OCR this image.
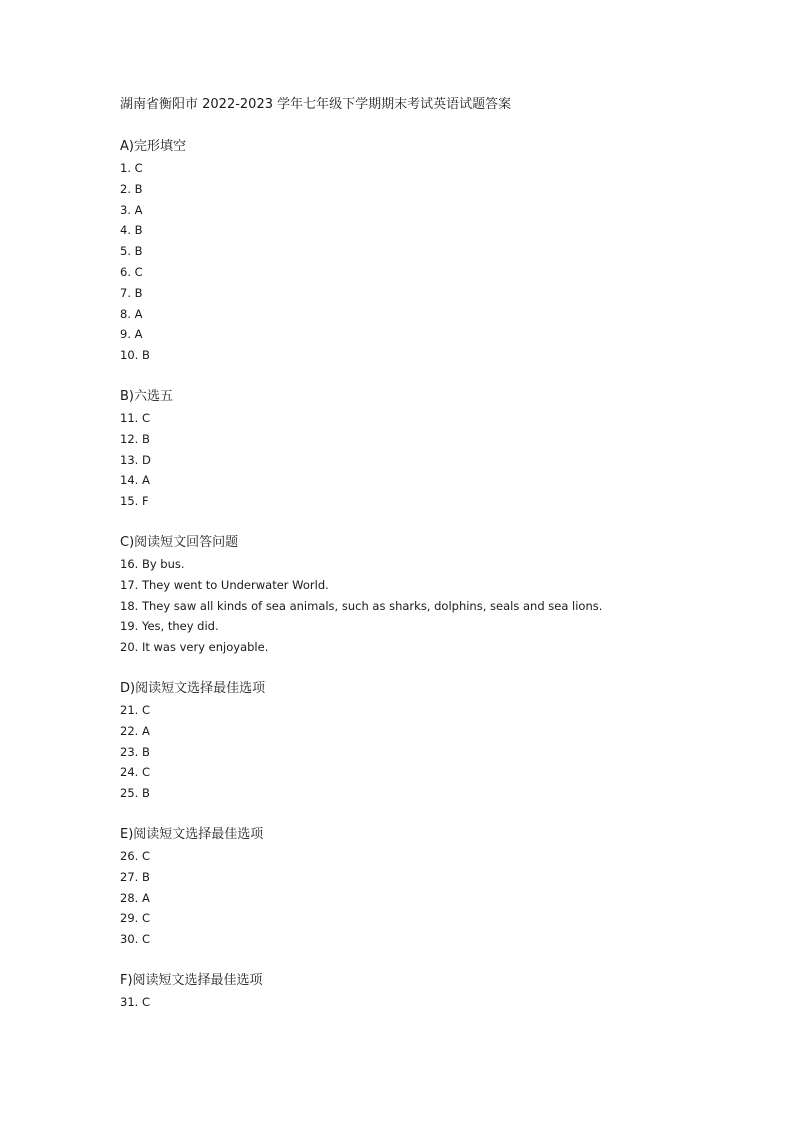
湖南省衡阳市 2022-2023 学年七年级下学期期末考试英语试题答案
A)完形填空
1. C
2. B
3. A
4. B
5. B
6. C
7. B
8. A
9. A
10. B
B)六选五
11. C
12. B
13. D
14. A
15. F
C)阅读短文回答问题
16. By bus.
17. They went to Underwater World.
18. They saw all kinds of sea animals, such as sharks, dolphins, seals and sea lions.
19. Yes, they did.
20. It was very enjoyable.
D)阅读短文选择最佳选项
21. C
22. A
23. B
24. C
25. B
E)阅读短文选择最佳选项
26. C
27. B
28. A
29. C
30. C
F)阅读短文选择最佳选项
31. C
